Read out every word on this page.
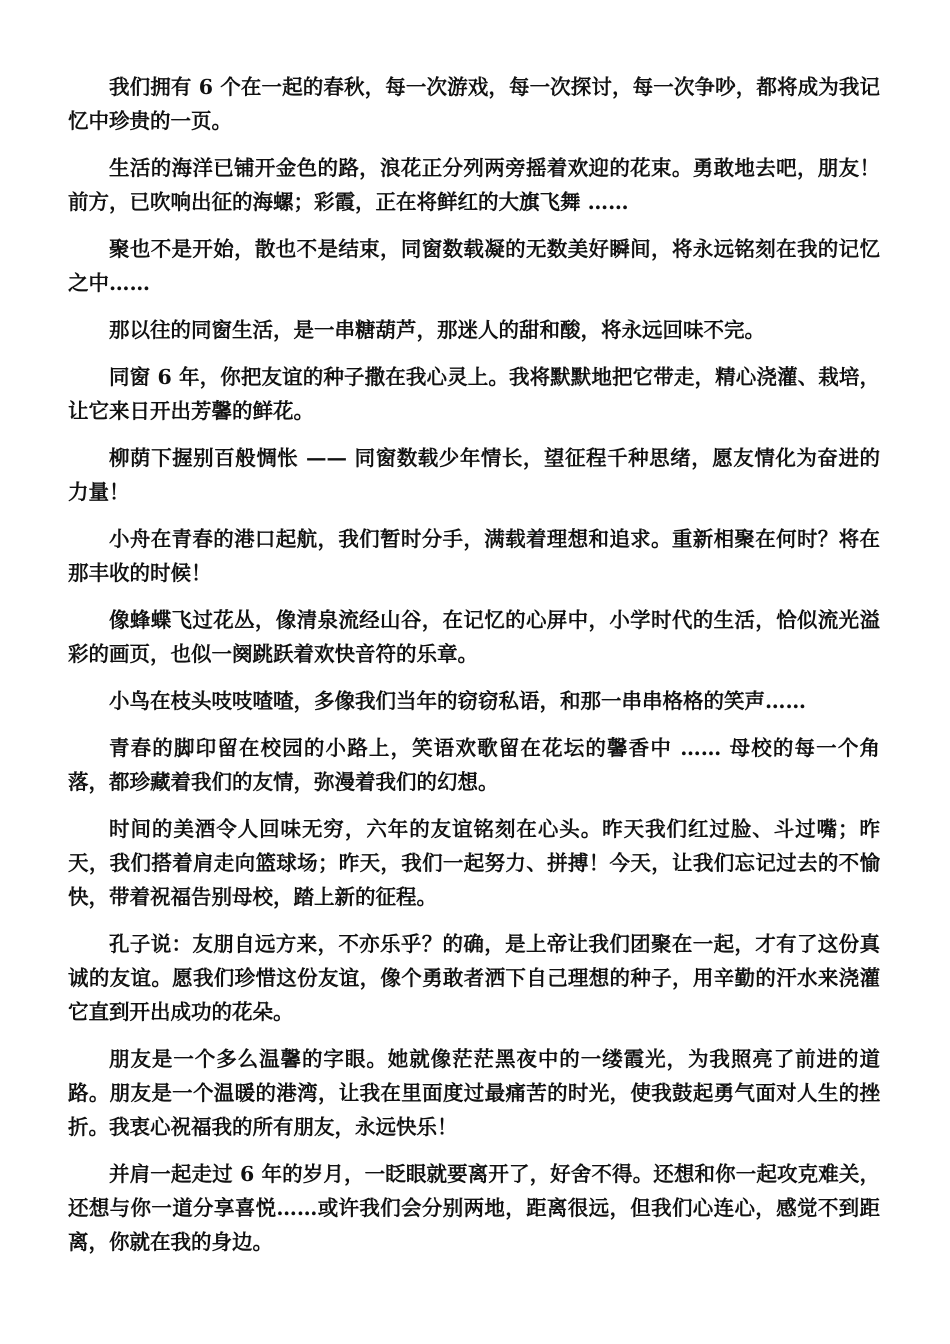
我们拥有 6 个在一起的春秋，每一次游戏，每一次探讨，每一次争吵，都将成为我记忆中珍贵的一页。

生活的海洋已铺开金色的路，浪花正分列两旁摇着欢迎的花束。勇敢地去吧，朋友！前方，已吹响出征的海螺；彩霞，正在将鲜红的大旗飞舞 ……

聚也不是开始，散也不是结束，同窗数载凝的无数美好瞬间，将永远铭刻在我的记忆之中……

那以往的同窗生活，是一串糖葫芦，那迷人的甜和酸，将永远回味不完。

同窗 6 年，你把友谊的种子撒在我心灵上。我将默默地把它带走，精心浇灌、栽培，让它来日开出芳馨的鲜花。

柳荫下握别百般惆怅 —— 同窗数载少年情长，望征程千种思绪，愿友情化为奋进的力量！

小舟在青春的港口起航，我们暂时分手，满载着理想和追求。重新相聚在何时？将在那丰收的时候！

像蜂蝶飞过花丛，像清泉流经山谷，在记忆的心屏中，小学时代的生活，恰似流光溢彩的画页，也似一阕跳跃着欢快音符的乐章。

小鸟在枝头吱吱喳喳，多像我们当年的窃窃私语，和那一串串格格的笑声……

青春的脚印留在校园的小路上，笑语欢歌留在花坛的馨香中 …… 母校的每一个角落，都珍藏着我们的友情，弥漫着我们的幻想。

时间的美酒令人回味无穷，六年的友谊铭刻在心头。昨天我们红过脸、斗过嘴；昨天，我们搭着肩走向篮球场；昨天，我们一起努力、拼搏！今天，让我们忘记过去的不愉快，带着祝福告别母校，踏上新的征程。

孔子说：友朋自远方来，不亦乐乎？的确，是上帝让我们团聚在一起，才有了这份真诚的友谊。愿我们珍惜这份友谊，像个勇敢者洒下自己理想的种子，用辛勤的汗水来浇灌它直到开出成功的花朵。

朋友是一个多么温馨的字眼。她就像茫茫黑夜中的一缕霞光，为我照亮了前进的道路。朋友是一个温暖的港湾，让我在里面度过最痛苦的时光，使我鼓起勇气面对人生的挫折。我衷心祝福我的所有朋友，永远快乐！

并肩一起走过 6 年的岁月，一眨眼就要离开了，好舍不得。还想和你一起攻克难关，还想与你一道分享喜悦……或许我们会分别两地，距离很远，但我们心连心，感觉不到距离，你就在我的身边。
